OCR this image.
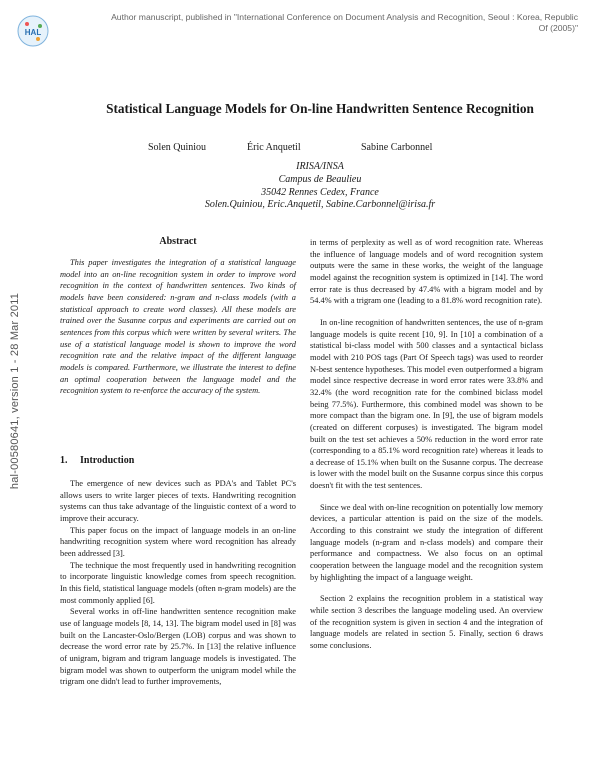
HAL
Author manuscript, published in "International Conference on Document Analysis and Recognition, Seoul : Korea, Republic Of (2005)"
hal-00580641, version 1 - 28 Mar 2011
Statistical Language Models for On-line Handwritten Sentence Recognition
Solen Quiniou	Éric Anquetil	Sabine Carbonnel
IRISA/INSA
Campus de Beaulieu
35042 Rennes Cedex, France
Solen.Quiniou, Eric.Anquetil, Sabine.Carbonnel@irisa.fr
Abstract

This paper investigates the integration of a statistical language model into an on-line recognition system in order to improve word recognition in the context of handwritten sentences. Two kinds of models have been considered: n-gram and n-class models (with a statistical approach to create word classes). All these models are trained over the Susanne corpus and experiments are carried out on sentences from this corpus which were written by several writers. The use of a statistical language model is shown to improve the word recognition rate and the relative impact of the different language models is compared. Furthermore, we illustrate the interest to define an optimal cooperation between the language model and the recognition system to re-enforce the accuracy of the system.

1. Introduction

The emergence of new devices such as PDA's and Tablet PC's allows users to write larger pieces of texts. Handwriting recognition systems can thus take advantage of the linguistic context of a word to improve their accuracy.

This paper focus on the impact of language models in an on-line handwriting recognition system where word recognition has already been addressed [3].

The technique the most frequently used in handwriting recognition to incorporate linguistic knowledge comes from speech recognition. In this field, statistical language models (often n-gram models) are the most commonly applied [6].

Several works in off-line handwritten sentence recognition make use of language models [8, 14, 13]. The bigram model used in [8] was built on the Lancaster-Oslo/Bergen (LOB) corpus and was shown to decrease the word error rate by 25.7%. In [13] the relative influence of unigram, bigram and trigram language models is investigated. The bigram model was shown to outperform the unigram model while the trigram one didn't lead to further improvements,

in terms of perplexity as well as of word recognition rate. Whereas the influence of language models and of word recognition system outputs were the same in these works, the weight of the language model against the recognition system is optimized in [14]. The word error rate is thus decreased by 47.4% with a bigram model and by 54.4% with a trigram one (leading to a 81.8% word recognition rate).

In on-line recognition of handwritten sentences, the use of n-gram language models is quite recent [10, 9]. In [10] a combination of a statistical bi-class model with 500 classes and a syntactical biclass model with 210 POS tags (Part Of Speech tags) was used to reorder N-best sentence hypotheses. This model even outperformed a bigram model since respective decrease in word error rates were 33.8% and 32.4% (the word recognition rate for the combined biclass model being 77.5%). Furthermore, this combined model was shown to be more compact than the bigram one. In [9], the use of bigram models (created on different corpuses) is investigated. The bigram model built on the test set achieves a 50% reduction in the word error rate (corresponding to a 85.1% word recognition rate) whereas it leads to a decrease of 15.1% when built on the Susanne corpus. The decrease is lower with the model built on the Susanne corpus since this corpus doesn't fit with the test sentences.

Since we deal with on-line recognition on potentially low memory devices, a particular attention is paid on the size of the models. According to this constraint we study the integration of different language models (n-gram and n-class models) and compare their performance and compactness. We also focus on an optimal cooperation between the language model and the recognition system by highlighting the impact of a language weight.

Section 2 explains the recognition problem in a statistical way while section 3 describes the language modeling used. An overview of the recognition system is given in section 4 and the integration of language models are related in section 5. Finally, section 6 draws some conclusions.
